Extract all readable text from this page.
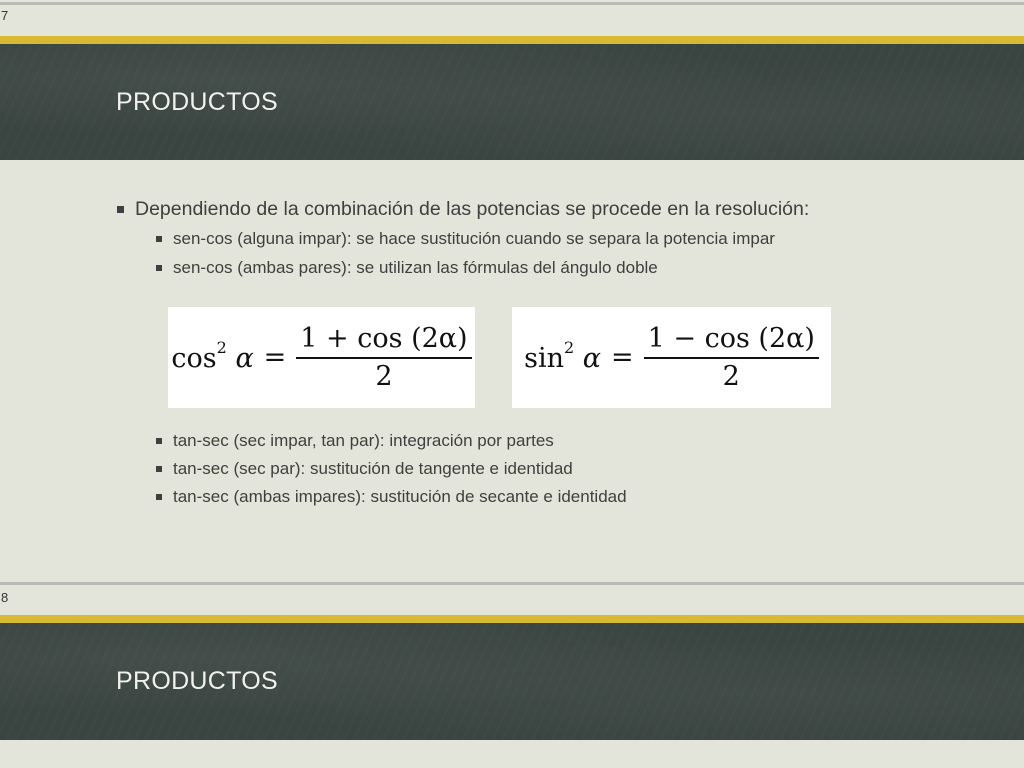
7
PRODUCTOS
Dependiendo de la combinación de las potencias se procede en la resolución:
sen-cos (alguna impar): se hace sustitución cuando se separa la potencia impar
sen-cos (ambas pares): se utilizan las fórmulas del ángulo doble
$\cos^2 \alpha = \frac{1 + \cos (2\alpha)}{2} \sin^2 \alpha = \frac{1 - \cos (2\alpha)}{2}$
tan-sec (sec impar, tan par): integración por partes
tan-sec (sec par): sustitución de tangente e identidad
tan-sec (ambas impares): sustitución de secante e identidad
8
PRODUCTOS
